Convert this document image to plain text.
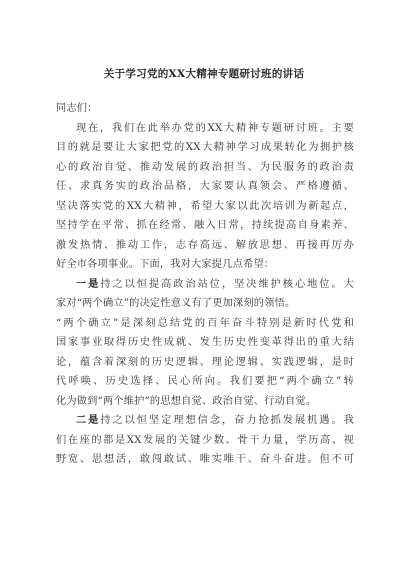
关于学习党的XX大精神专题研讨班的讲话
同志们：
现在，我们在此举办党的XX大精神专题研讨班。主要
目的就是要让大家把党的XX大精神学习成果转化为拥护核
心的政治自觉、推动发展的政治担当、为民服务的政治责
任、求真务实的政治品格，大家要认真领会、严格遵循、
坚决落实党的XX大精神，希望大家以此次培训为新起点，
坚持学在平常、抓在经常、融入日常，持续提高自身素养、
激发热情、推动工作，志存高远、解放思想、再接再厉办
好全市各项事业。下面，我对大家提几点希望：
一是持之以恒提高政治站位，坚决维护核心地位。大
家对“两个确立”的决定性意义有了更加深刻的领悟。
“两个确立”是深刻总结党的百年奋斗特别是新时代党和
国家事业取得历史性成就、发生历史性变革得出的重大结
论，蕴含着深刻的历史逻辑、理论逻辑、实践逻辑，是时
代呼唤、历史选择、民心所向。我们要把“两个确立”转
化为做到“两个维护”的思想自觉、政治自觉、行动自觉。
二是持之以恒坚定理想信念，奋力抢抓发展机遇。我
们在座的都是XX发展的关键少数、骨干力量，学历高、视
野宽、思想活，敢闯敢试、唯实唯干、奋斗奋进。但不可
